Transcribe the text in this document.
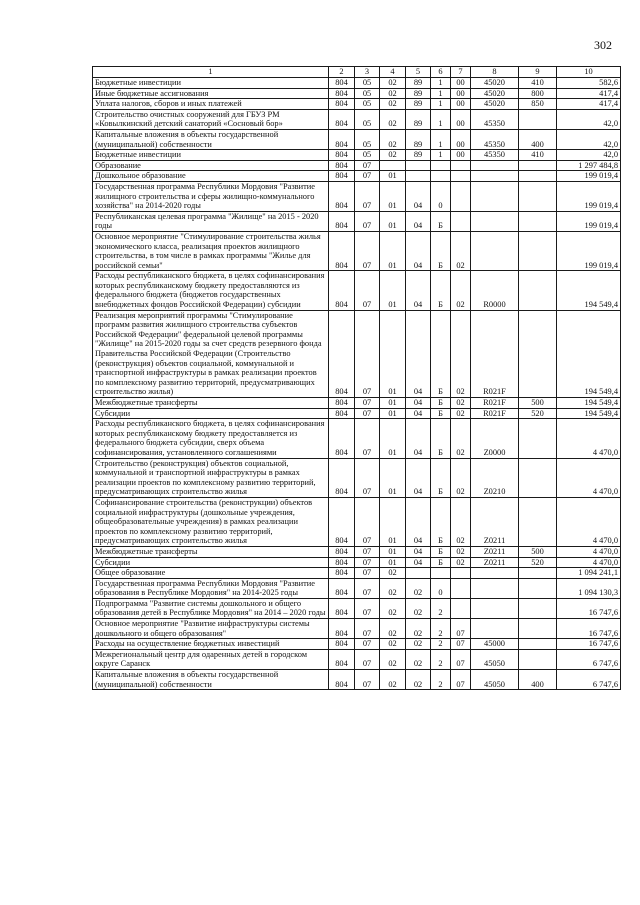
302
1	2	3	4	5	6	7	8	9	10
Бюджетные инвестиции	804	05	02	89	1	00	45020	410	582,6
Иные бюджетные ассигнования	804	05	02	89	1	00	45020	800	417,4
Уплата налогов, сборов и иных платежей	804	05	02	89	1	00	45020	850	417,4
Строительство очистных сооружений для ГБУЗ РМ «Ковылкинский детский санаторий «Сосновый бор»	804	05	02	89	1	00	45350		42,0
Капитальные вложения в объекты государственной (муниципальной) собственности	804	05	02	89	1	00	45350	400	42,0
Бюджетные инвестиции	804	05	02	89	1	00	45350	410	42,0
Образование	804	07							1 297 484,8
Дошкольное образование	804	07	01						199 019,4
Государственная программа Республики Мордовия "Развитие жилищного строительства и сферы жилищно-коммунального хозяйства" на 2014-2020 годы	804	07	01	04	0				199 019,4
Республиканская целевая программа "Жилище" на 2015 - 2020 годы	804	07	01	04	Б				199 019,4
Основное мероприятие "Стимулирование строительства жилья экономического класса, реализация проектов жилищного строительства, в том числе в рамках программы "Жилье для российской семьи"	804	07	01	04	Б	02			199 019,4
Расходы республиканского бюджета, в целях софинансирования которых республиканскому бюджету предоставляются из федерального бюджета (бюджетов государственных внебюджетных фондов Российской Федерации) субсидии	804	07	01	04	Б	02	R0000		194 549,4
Реализация мероприятий программы "Стимулирование программ развития жилищного строительства субъектов Российской Федерации" федеральной целевой программы "Жилище" на 2015-2020 годы за счет средств резервного фонда Правительства Российской Федерации (Строительство (реконструкция) объектов социальной, коммунальной и транспортной инфраструктуры в рамках реализации проектов по комплексному развитию территорий, предусматривающих строительство жилья)	804	07	01	04	Б	02	R021F		194 549,4
Межбюджетные трансферты	804	07	01	04	Б	02	R021F	500	194 549,4
Субсидии	804	07	01	04	Б	02	R021F	520	194 549,4
Расходы республиканского бюджета, в целях софинансирования которых республиканскому бюджету предоставляется из федерального бюджета субсидии, сверх объема софинансирования, установленного соглашениями	804	07	01	04	Б	02	Z0000		4 470,0
Строительство (реконструкция) объектов социальной, коммунальной и транспортной инфраструктуры в рамках реализации проектов по комплексному развитию территорий, предусматривающих строительство жилья	804	07	01	04	Б	02	Z0210		4 470,0
Софинансирование строительства (реконструкции) объектов социальной инфраструктуры (дошкольные учреждения, общеобразовательные учреждения) в рамках реализации проектов по комплексному развитию территорий, предусматривающих строительство жилья	804	07	01	04	Б	02	Z0211		4 470,0
Межбюджетные трансферты	804	07	01	04	Б	02	Z0211	500	4 470,0
Субсидии	804	07	01	04	Б	02	Z0211	520	4 470,0
Общее образование	804	07	02						1 094 241,1
Государственная программа Республики Мордовия "Развитие образования в Республике Мордовия" на 2014-2025 годы	804	07	02	02	0				1 094 130,3
Подпрограмма "Развитие системы дошкольного и общего образования детей в Республике Мордовия" на 2014 – 2020 годы	804	07	02	02	2				16 747,6
Основное мероприятие "Развитие инфраструктуры системы дошкольного и общего образования"	804	07	02	02	2	07			16 747,6
Расходы на осуществление бюджетных инвестиций	804	07	02	02	2	07	45000		16 747,6
Межрегиональный центр для одаренных детей в городском округе Саранск	804	07	02	02	2	07	45050		6 747,6
Капитальные вложения в объекты государственной (муниципальной) собственности	804	07	02	02	2	07	45050	400	6 747,6
